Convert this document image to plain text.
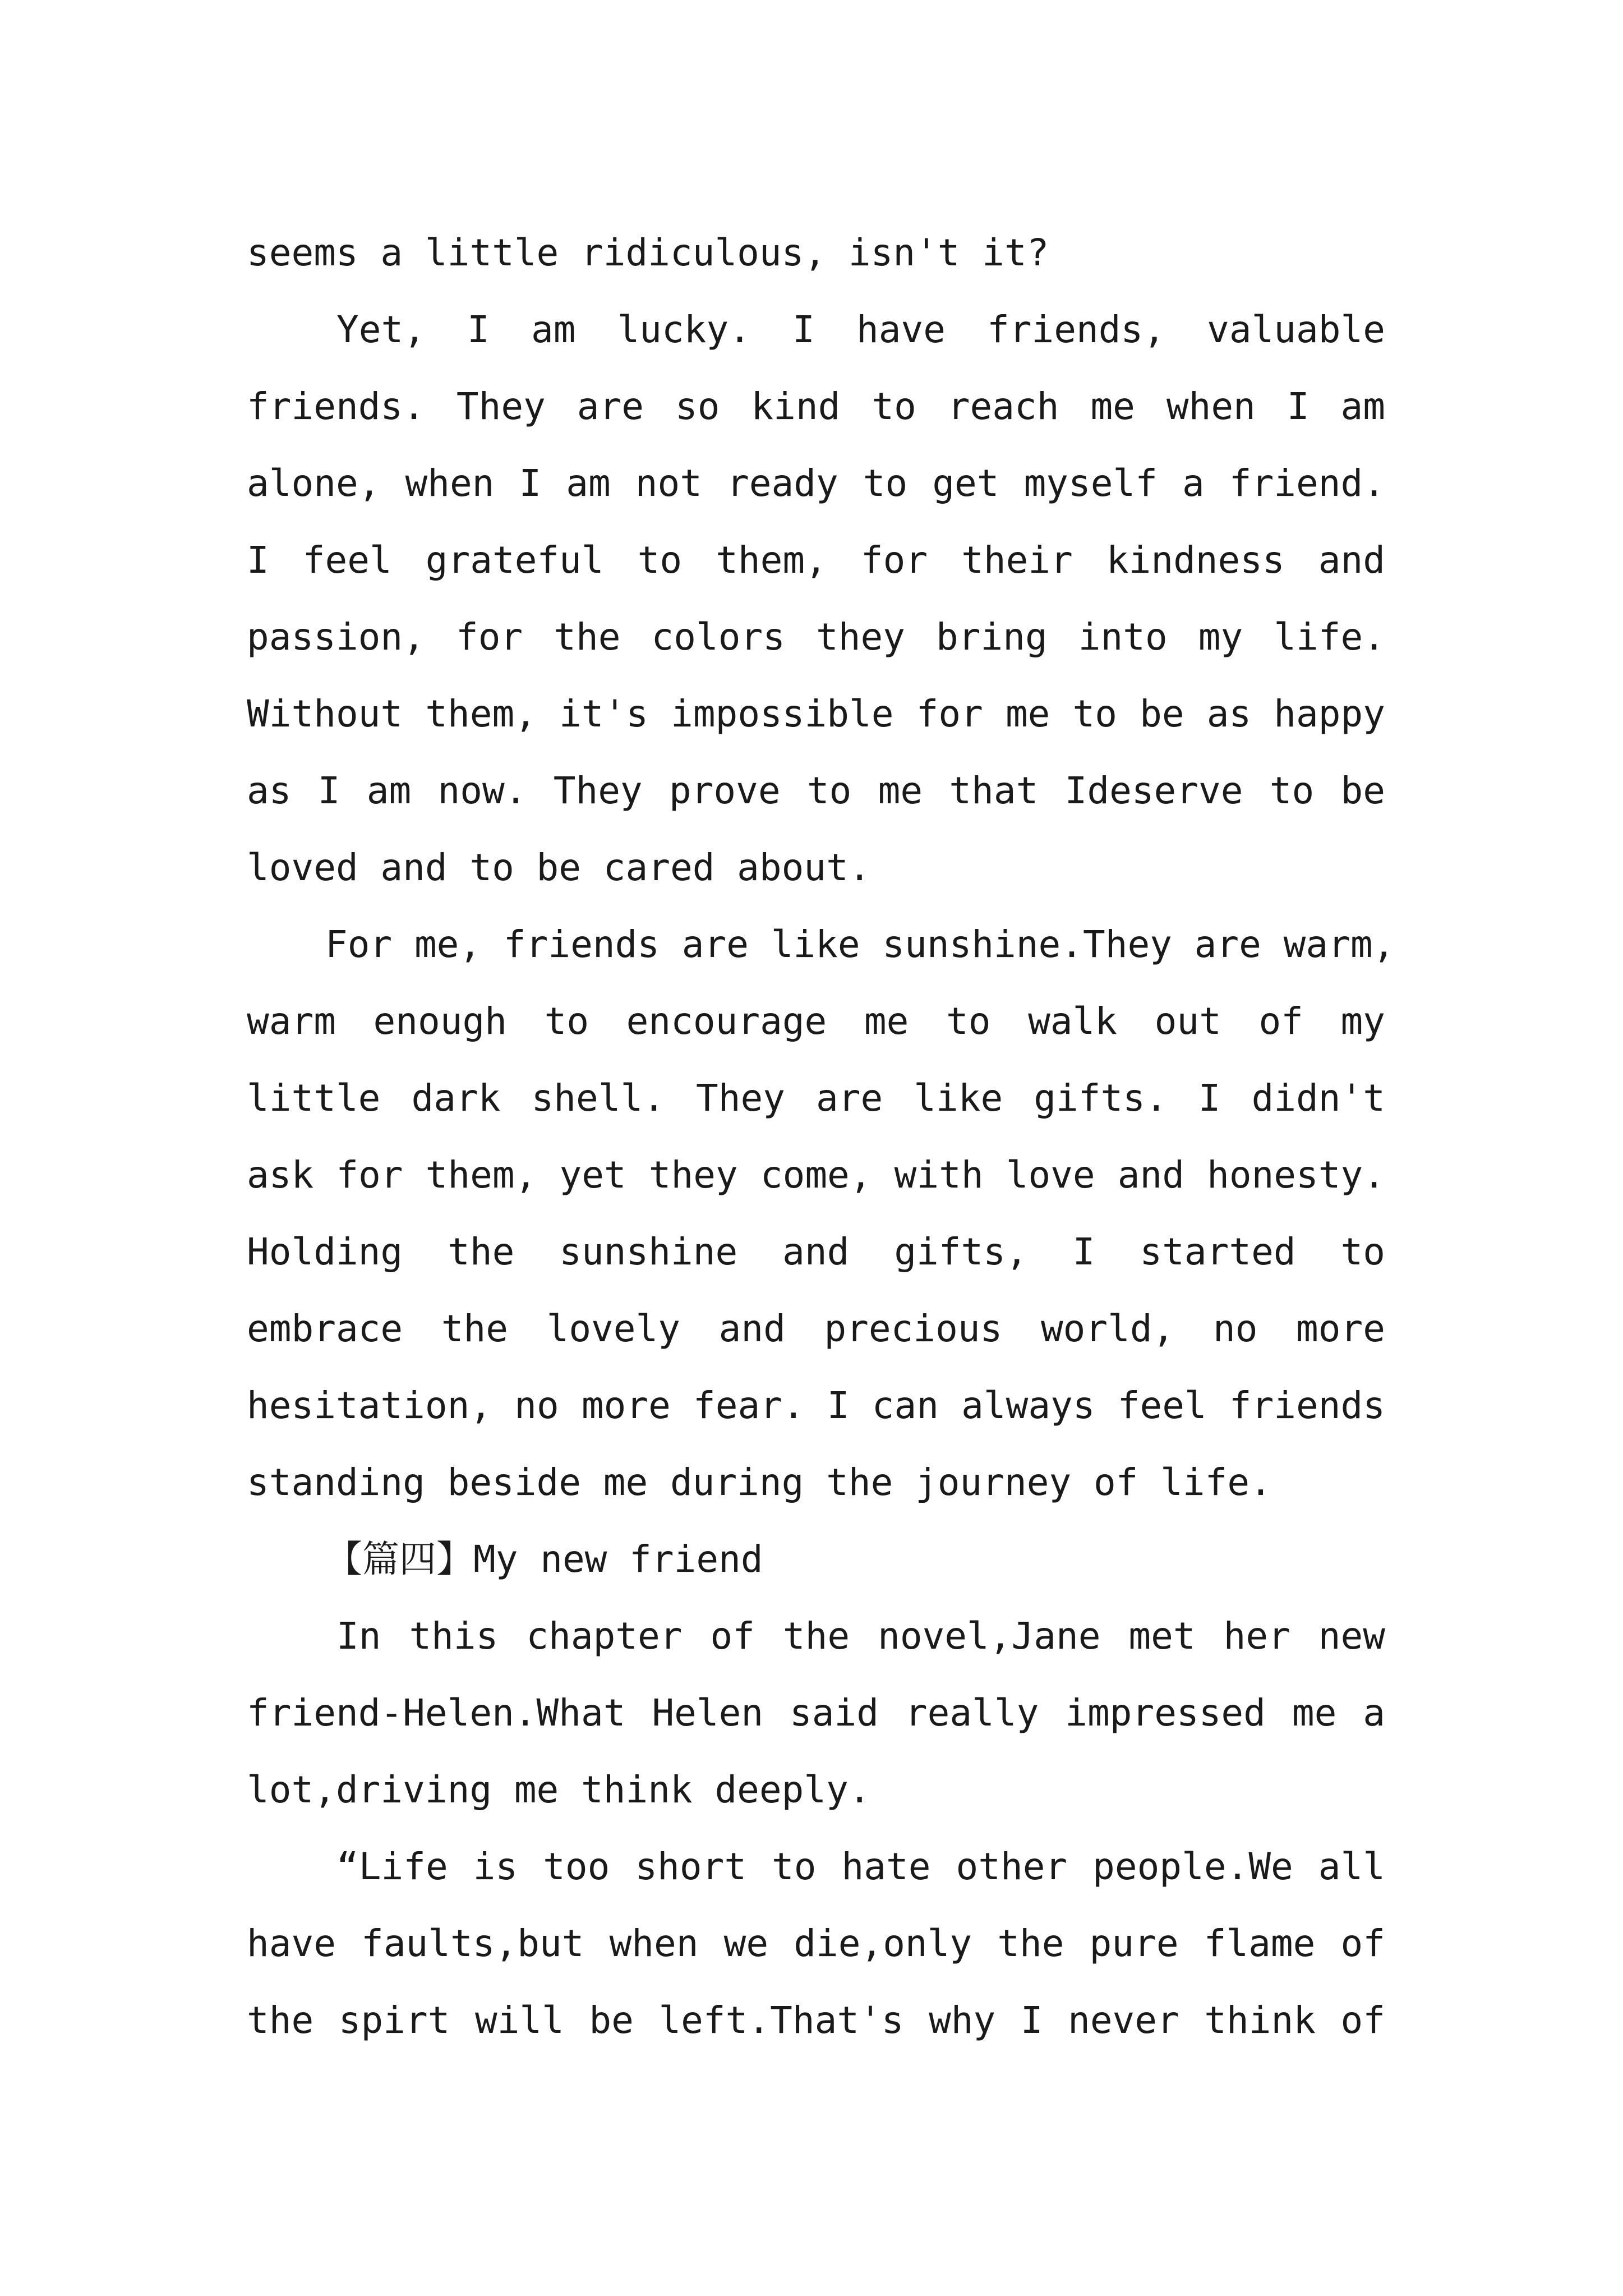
seems a little ridiculous, isn't it?
Yet, I am lucky. I have friends, valuable
friends. They are so kind to reach me when I am
alone, when I am not ready to get myself a friend.
I feel grateful to them, for their kindness and
passion, for the colors they bring into my life.
Without them, it's impossible for me to be as happy
as I am now. They prove to me that Ideserve to be
loved and to be cared about.
For me, friends are like sunshine.They are warm,
warm enough to encourage me to walk out of my
little dark shell. They are like gifts. I didn't
ask for them, yet they come, with love and honesty.
Holding the sunshine and gifts, I started to
embrace the lovely and precious world, no more
hesitation, no more fear. I can always feel friends
standing beside me during the journey of life.
【篇四】My new friend
In this chapter of the novel,Jane met her new
friend-Helen.What Helen said really impressed me a
lot,driving me think deeply.
“Life is too short to hate other people.We all
have faults,but when we die,only the pure flame of
the spirt will be left.That's why I never think of
